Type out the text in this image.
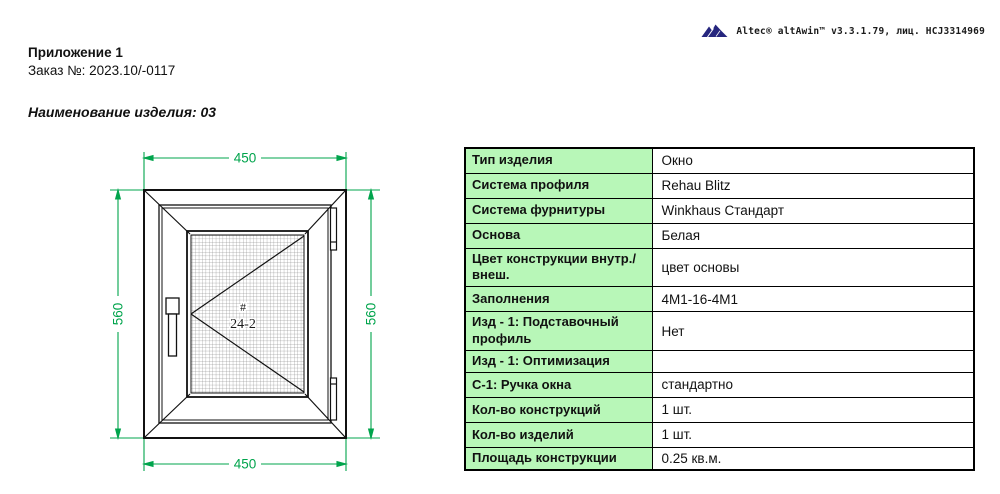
Altec® altAwin™ v3.3.1.79, лиц. HCJ3314969

Приложение 1

Заказ №: 2023.10/-0117

Наименование изделия: 03

#
24-2
450
450
560	560
Тип изделия	Окно
Система профиля	Rehau Blitz
Система фурнитуры	Winkhaus Стандарт
Основа	Белая
Цвет конструкции внутр./внеш.	цвет основы
Заполнения	4М1-16-4М1
Изд - 1: Подставочный профиль	Нет
Изд - 1: Оптимизация	
С-1: Ручка окна	стандартно
Кол-во конструкций	1 шт.
Кол-во изделий	1 шт.
Площадь конструкции	0.25 кв.м.
